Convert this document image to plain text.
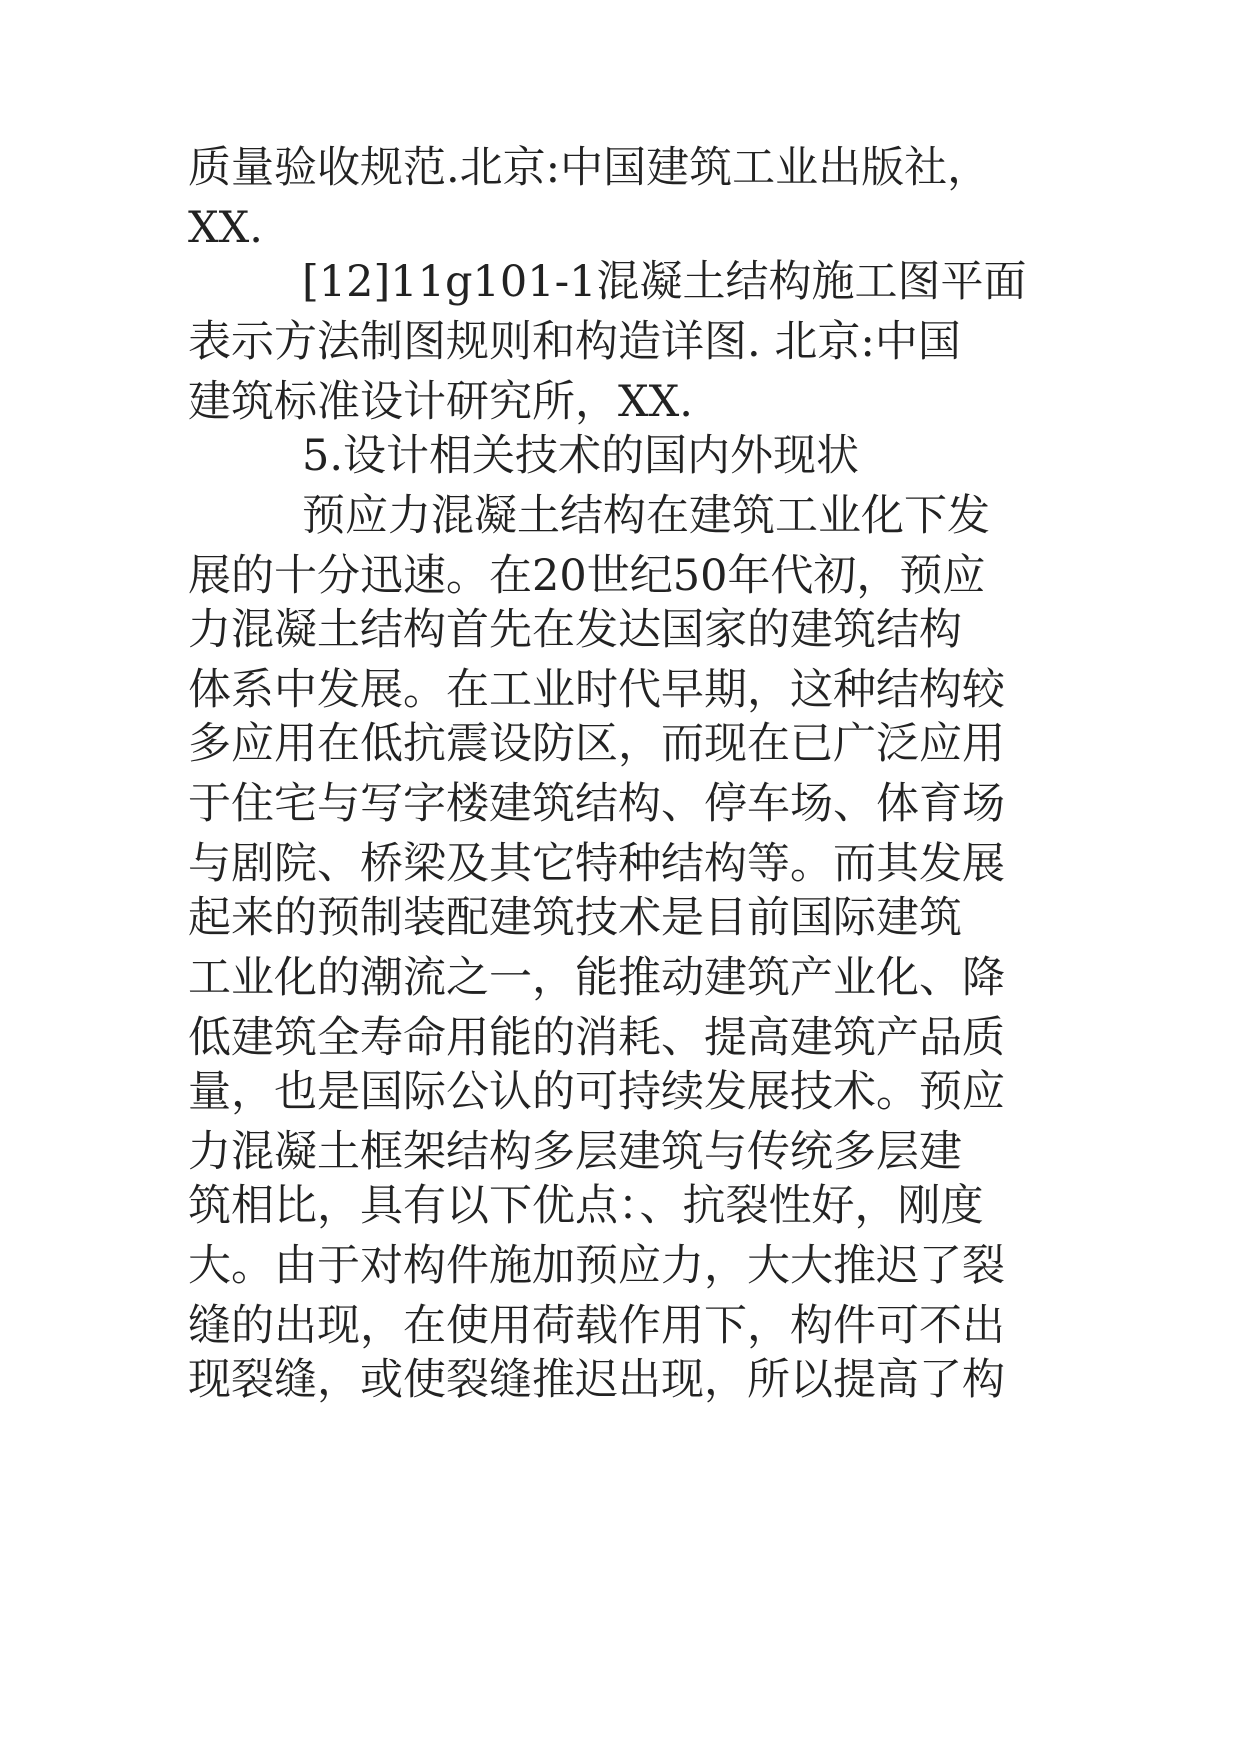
质量验收规范.北京:中国建筑工业出版社，
XX.
[12]11g101-1混凝土结构施工图平面
表示方法制图规则和构造详图. 北京:中国
建筑标准设计研究所，XX.
5.设计相关技术的国内外现状
预应力混凝土结构在建筑工业化下发
展的十分迅速。在20世纪50年代初，预应
力混凝土结构首先在发达国家的建筑结构
体系中发展。在工业时代早期，这种结构较
多应用在低抗震设防区，而现在已广泛应用
于住宅与写字楼建筑结构、停车场、体育场
与剧院、桥梁及其它特种结构等。而其发展
起来的预制装配建筑技术是目前国际建筑
工业化的潮流之一，能推动建筑产业化、降
低建筑全寿命用能的消耗、提高建筑产品质
量，也是国际公认的可持续发展技术。预应
力混凝土框架结构多层建筑与传统多层建
筑相比，具有以下优点：、抗裂性好，刚度
大。由于对构件施加预应力，大大推迟了裂
缝的出现，在使用荷载作用下，构件可不出
现裂缝，或使裂缝推迟出现，所以提高了构
